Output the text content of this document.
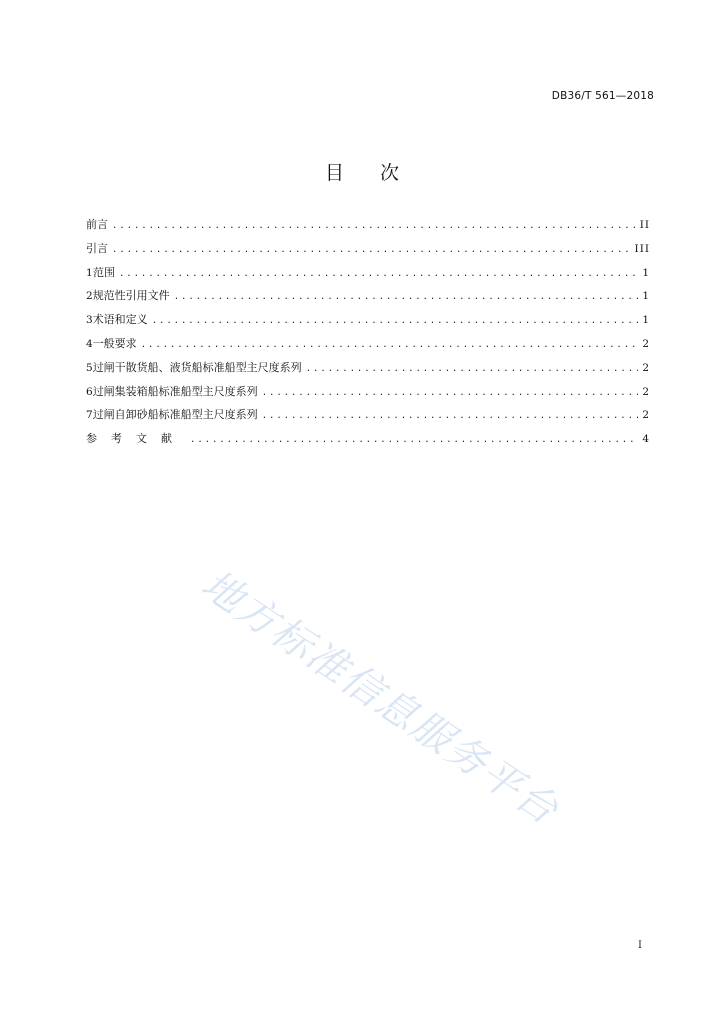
DB36/T 561—2018
目 次
前言 .....	II
引言 .....	III
1 范围 .....	1
2 规范性引用文件 .....	1
3 术语和定义 .....	1
4 一般要求 .....	2
5 过闸干散货船、液货船标准船型主尺度系列 .....	2
6 过闸集装箱船标准船型主尺度系列 .....	2
7 过闸自卸砂船标准船型主尺度系列 .....	2
参考文献 .....	4
地方标准信息服务平台
I
